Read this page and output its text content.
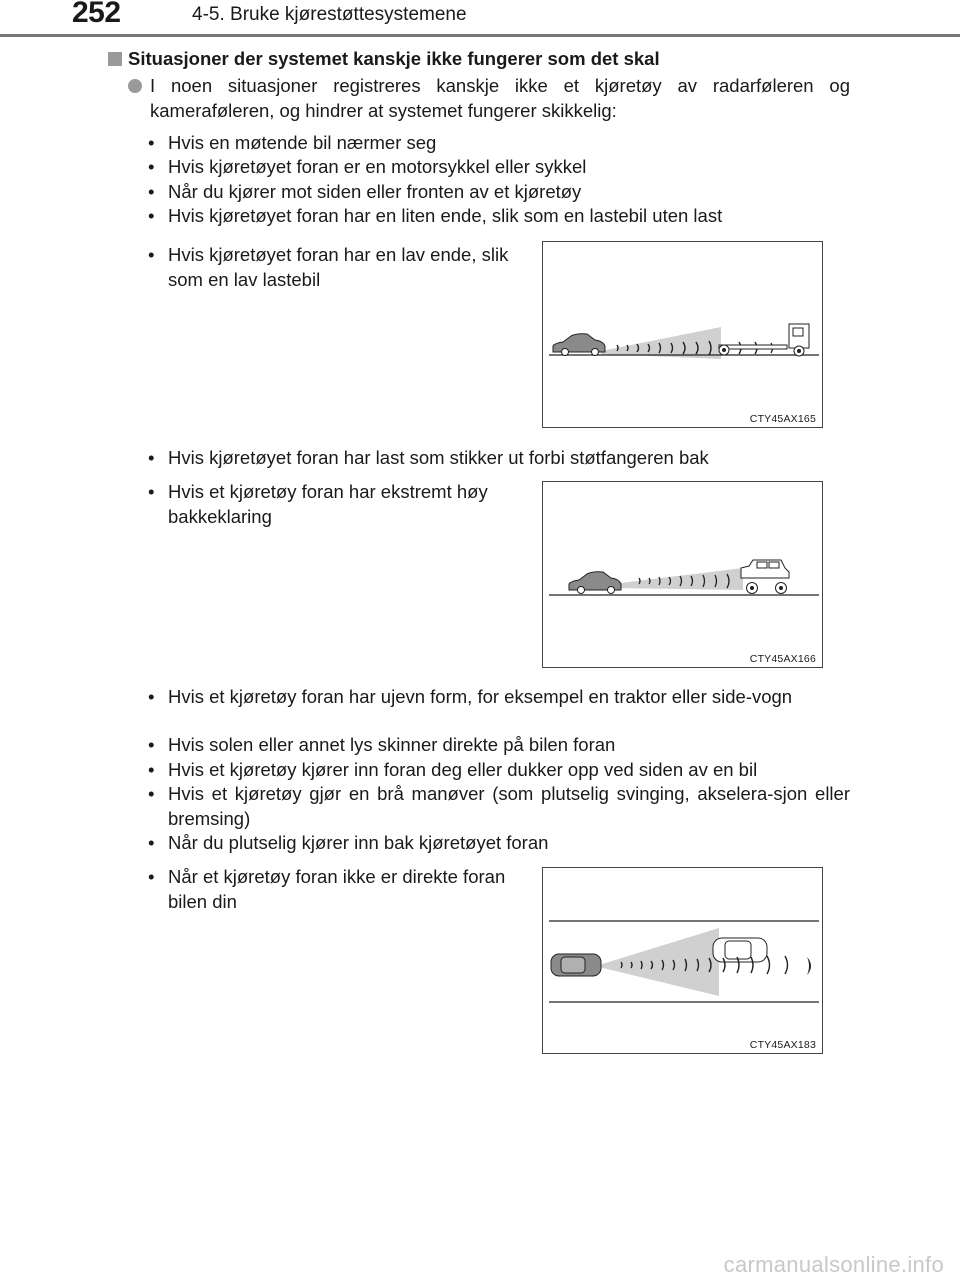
252	4-5. Bruke kjørestøttesystemene
Situasjoner der systemet kanskje ikke fungerer som det skal
I noen situasjoner registreres kanskje ikke et kjøretøy av radarføleren og
kameraføleren, og hindrer at systemet fungerer skikkelig:
• Hvis en møtende bil nærmer seg
• Hvis kjøretøyet foran er en motorsykkel eller sykkel
• Når du kjører mot siden eller fronten av et kjøretøy
• Hvis kjøretøyet foran har en liten ende, slik som en lastebil uten last
• Hvis kjøretøyet foran har en lav ende, slik som en lav lastebil
CTY45AX165
• Hvis kjøretøyet foran har last som stikker ut forbi støtfangeren bak
• Hvis et kjøretøy foran har ekstremt høy bakkeklaring
CTY45AX166
• Hvis et kjøretøy foran har ujevn form, for eksempel en traktor eller side-vogn
• Hvis solen eller annet lys skinner direkte på bilen foran
• Hvis et kjøretøy kjører inn foran deg eller dukker opp ved siden av en bil
• Hvis et kjøretøy gjør en brå manøver (som plutselig svinging, akselera-sjon eller bremsing)
• Når du plutselig kjører inn bak kjøretøyet foran
• Når et kjøretøy foran ikke er direkte foran bilen din
CTY45AX183
carmanualsonline.info
